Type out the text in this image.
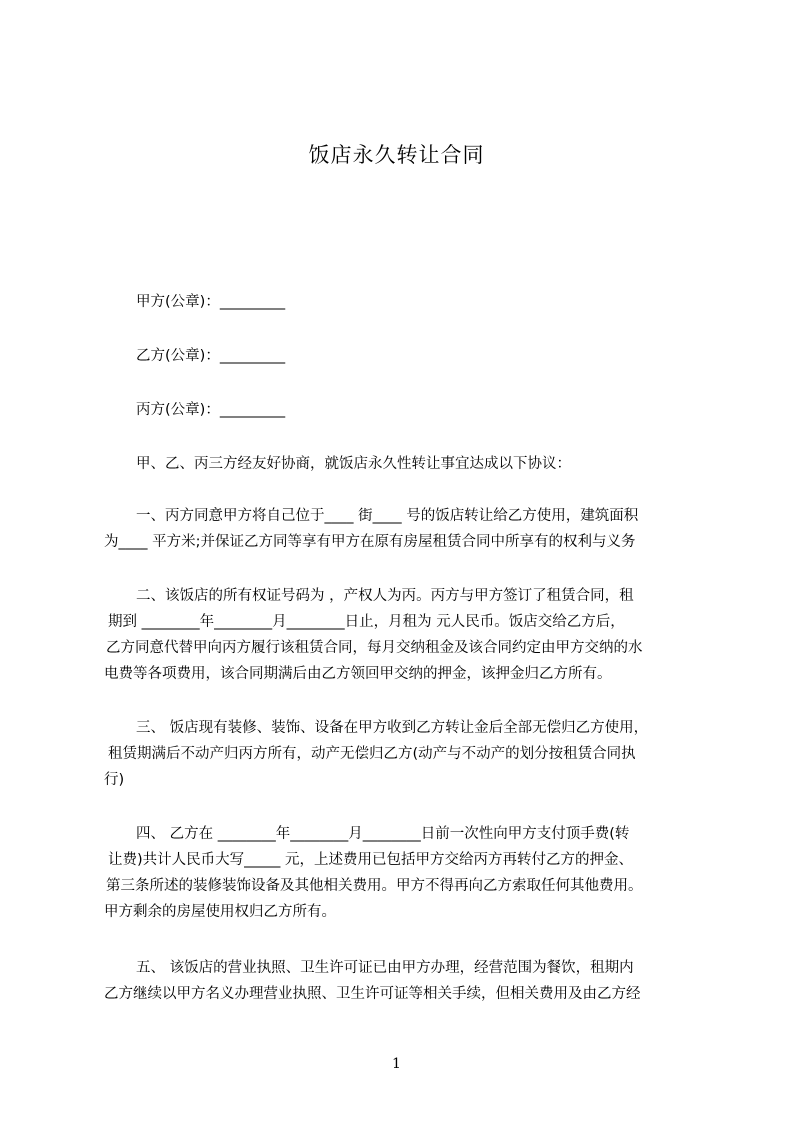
饭店永久转让合同
甲方(公章)：_________
乙方(公章)：_________
丙方(公章)：_________
甲、乙、丙三方经友好协商，就饭店永久性转让事宜达成以下协议：
一、丙方同意甲方将自己位于____ 街____ 号的饭店转让给乙方使用，建筑面积
为____ 平方米;并保证乙方同等享有甲方在原有房屋租赁合同中所享有的权利与义务
二、该饭店的所有权证号码为 ，产权人为丙。丙方与甲方签订了租赁合同，租
期到 ________年________月________日止，月租为 元人民币。饭店交给乙方后，
乙方同意代替甲向丙方履行该租赁合同，每月交纳租金及该合同约定由甲方交纳的水
电费等各项费用，该合同期满后由乙方领回甲交纳的押金，该押金归乙方所有。
三、 饭店现有装修、装饰、设备在甲方收到乙方转让金后全部无偿归乙方使用，
租赁期满后不动产归丙方所有，动产无偿归乙方(动产与不动产的划分按租赁合同执
行)
四、 乙方在 ________年________月________日前一次性向甲方支付顶手费(转
让费)共计人民币大写_____ 元，上述费用已包括甲方交给丙方再转付乙方的押金、
第三条所述的装修装饰设备及其他相关费用。甲方不得再向乙方索取任何其他费用。
甲方剩余的房屋使用权归乙方所有。
五、 该饭店的营业执照、卫生许可证已由甲方办理，经营范围为餐饮，租期内
乙方继续以甲方名义办理营业执照、卫生许可证等相关手续，但相关费用及由乙方经
1
